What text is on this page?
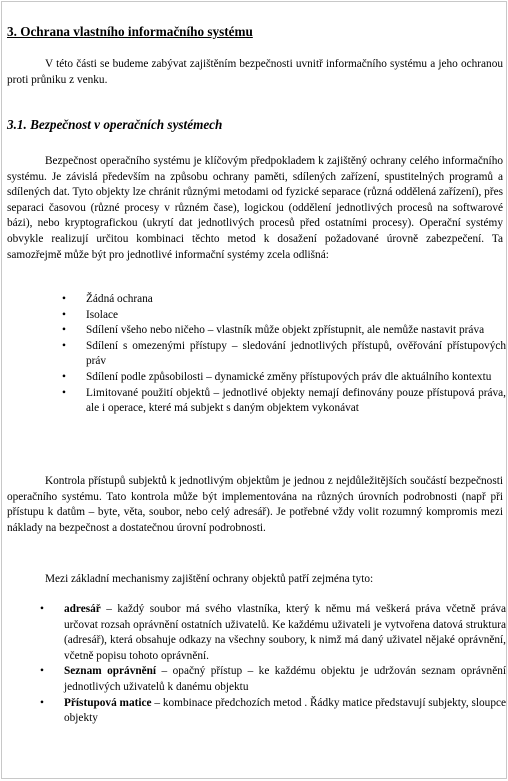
3. Ochrana vlastního informačního systému

V této části se budeme zabývat zajištěním bezpečnosti uvnitř informačního systému a jeho ochranou proti průniku z venku.

3.1. Bezpečnost v operačních systémech

Bezpečnost operačního systému je klíčovým předpokladem k zajištěný ochrany celého informačního systému. Je závislá především na způsobu ochrany paměti, sdílených zařízení, spustitelných programů a sdílených dat. Tyto objekty lze chránit různými metodami od fyzické separace (různá oddělená zařízení), přes separaci časovou (různé procesy v různém čase), logickou (oddělení jednotlivých procesů na softwarové bázi), nebo kryptografickou (ukrytí dat jednotlivých procesů před ostatními procesy). Operační systémy obvykle realizují určitou kombinaci těchto metod k dosažení požadované úrovně zabezpečení. Ta samozřejmě může být pro jednotlivé informační systémy zcela odlišná:

• Žádná ochrana
• Isolace
• Sdílení všeho nebo ničeho – vlastník může objekt zpřístupnit, ale nemůže nastavit práva
• Sdílení s omezenými přístupy – sledování jednotlivých přístupů, ověřování přístupových práv
• Sdílení podle způsobilosti – dynamické změny přístupových práv dle aktuálního kontextu
• Limitované použití objektů – jednotlivé objekty nemají definovány pouze přístupová práva, ale i operace, které má subjekt s daným objektem vykonávat

Kontrola přístupů subjektů k jednotlivým objektům je jednou z nejdůležitějších součástí bezpečnosti operačního systému. Tato kontrola může být implementována na různých úrovních podrobnosti (např při přístupu k datům – byte, věta, soubor, nebo celý adresář). Je potřebné vždy volit rozumný kompromis mezi náklady na bezpečnost a dostatečnou úrovní podrobnosti.

Mezi základní mechanismy zajištění ochrany objektů patří zejména tyto:

• adresář – každý soubor má svého vlastníka, který k němu má veškerá práva včetně práva určovat rozsah oprávnění ostatních uživatelů. Ke každému uživateli je vytvořena datová struktura (adresář), která obsahuje odkazy na všechny soubory, k nimž má daný uživatel nějaké oprávnění, včetně popisu tohoto oprávnění.
• Seznam oprávnění – opačný přístup – ke každému objektu je udržován seznam oprávnění jednotlivých uživatelů k danému objektu
• Přístupová matice – kombinace předchozích metod . Řádky matice představují subjekty, sloupce objekty
